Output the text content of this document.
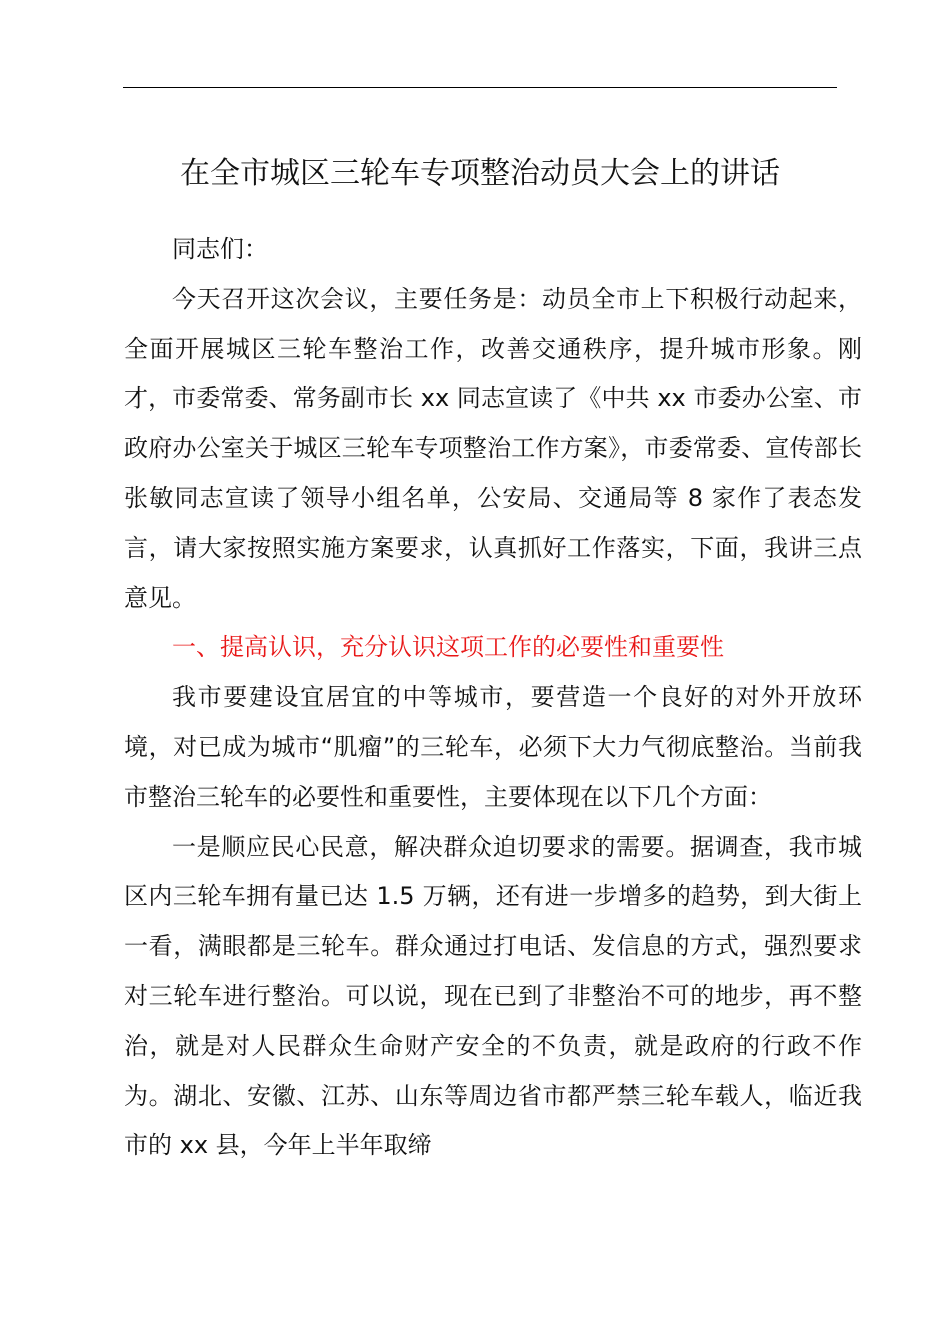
在全市城区三轮车专项整治动员大会上的讲话

同志们：

今天召开这次会议，主要任务是：动员全市上下积极行动起来，全面开展城区三轮车整治工作，改善交通秩序，提升城市形象。刚才，市委常委、常务副市长 xx 同志宣读了《中共 xx 市委办公室、市政府办公室关于城区三轮车专项整治工作方案》，市委常委、宣传部长张敏同志宣读了领导小组名单，公安局、交通局等 8 家作了表态发言，请大家按照实施方案要求，认真抓好工作落实，下面，我讲三点意见。

一、提高认识，充分认识这项工作的必要性和重要性

我市要建设宜居宜的中等城市，要营造一个良好的对外开放环境，对已成为城市“肌瘤”的三轮车，必须下大力气彻底整治。当前我市整治三轮车的必要性和重要性，主要体现在以下几个方面：

一是顺应民心民意，解决群众迫切要求的需要。据调查，我市城区内三轮车拥有量已达 1.5 万辆，还有进一步增多的趋势，到大街上一看，满眼都是三轮车。群众通过打电话、发信息的方式，强烈要求对三轮车进行整治。可以说，现在已到了非整治不可的地步，再不整治，就是对人民群众生命财产安全的不负责，就是政府的行政不作为。湖北、安徽、江苏、山东等周边省市都严禁三轮车载人，临近我市的 xx 县，今年上半年取缔
